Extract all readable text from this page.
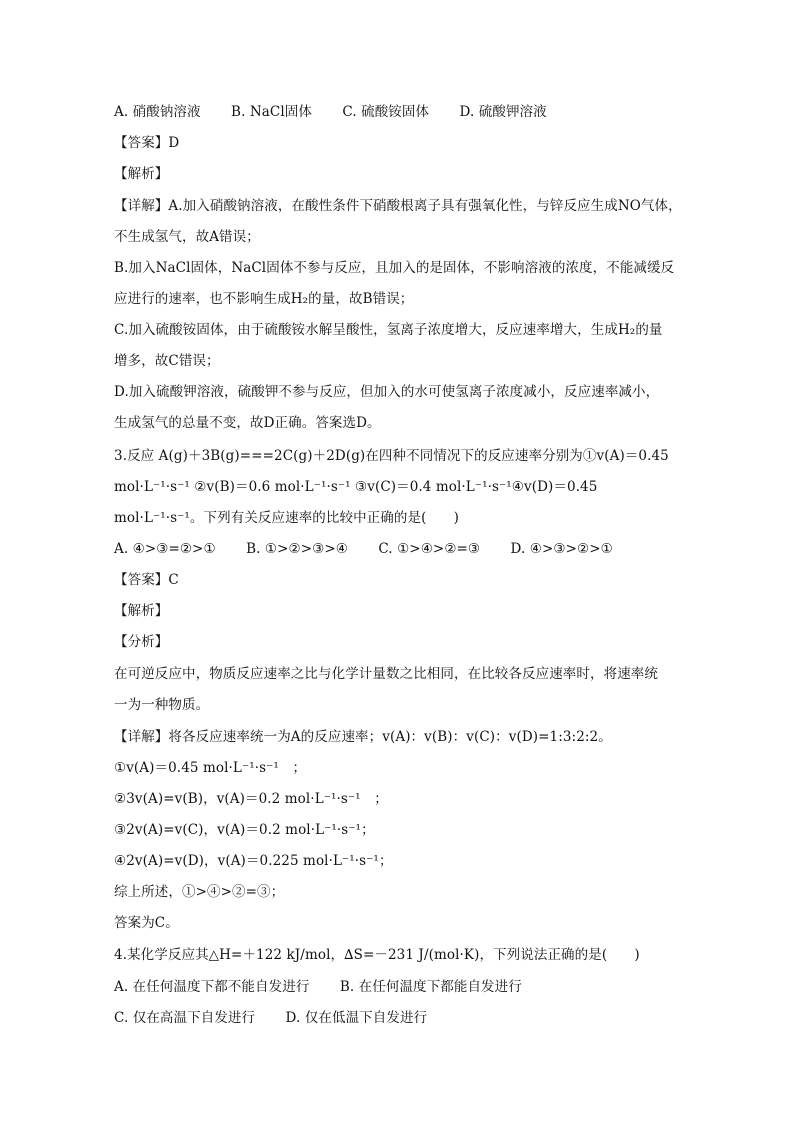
A. 硝酸钠溶液 B. NaCl固体 C. 硫酸铵固体 D. 硫酸钾溶液
【答案】D
【解析】
【详解】A.加入硝酸钠溶液，在酸性条件下硝酸根离子具有强氧化性，与锌反应生成NO气体，
不生成氢气，故A错误；
B.加入NaCl固体，NaCl固体不参与反应，且加入的是固体，不影响溶液的浓度，不能减缓反
应进行的速率，也不影响生成H₂的量，故B错误；
C.加入硫酸铵固体，由于硫酸铵水解呈酸性，氢离子浓度增大，反应速率增大，生成H₂的量
增多，故C错误；
D.加入硫酸钾溶液，硫酸钾不参与反应，但加入的水可使氢离子浓度减小，反应速率减小，
生成氢气的总量不变，故D正确。答案选D。
3.反应 A(g)＋3B(g)===2C(g)＋2D(g)在四种不同情况下的反应速率分别为①v(A)＝0.45
mol·L⁻¹·s⁻¹ ②v(B)＝0.6 mol·L⁻¹·s⁻¹ ③v(C)＝0.4 mol·L⁻¹·s⁻¹④v(D)＝0.45
mol·L⁻¹·s⁻¹。下列有关反应速率的比较中正确的是(　　)
A. ④>③=②>① B. ①>②>③>④ C. ①>④>②=③ D. ④>③>②>①
【答案】C
【解析】
【分析】
在可逆反应中，物质反应速率之比与化学计量数之比相同，在比较各反应速率时，将速率统
一为一种物质。
【详解】将各反应速率统一为A的反应速率；v(A)：v(B)：v(C)：v(D)=1:3:2:2。
①v(A)＝0.45 mol·L⁻¹·s⁻¹　；
②3v(A)=v(B)，v(A)＝0.2 mol·L⁻¹·s⁻¹　；
③2v(A)=v(C)，v(A)＝0.2 mol·L⁻¹·s⁻¹；
④2v(A)=v(D)，v(A)＝0.225 mol·L⁻¹·s⁻¹；
综上所述，①>④>②=③；
答案为C。
4.某化学反应其△H=＋122 kJ/mol，∆S=－231 J/(mol·K)，下列说法正确的是(　　)
A. 在任何温度下都不能自发进行 B. 在任何温度下都能自发进行
C. 仅在高温下自发进行 D. 仅在低温下自发进行
